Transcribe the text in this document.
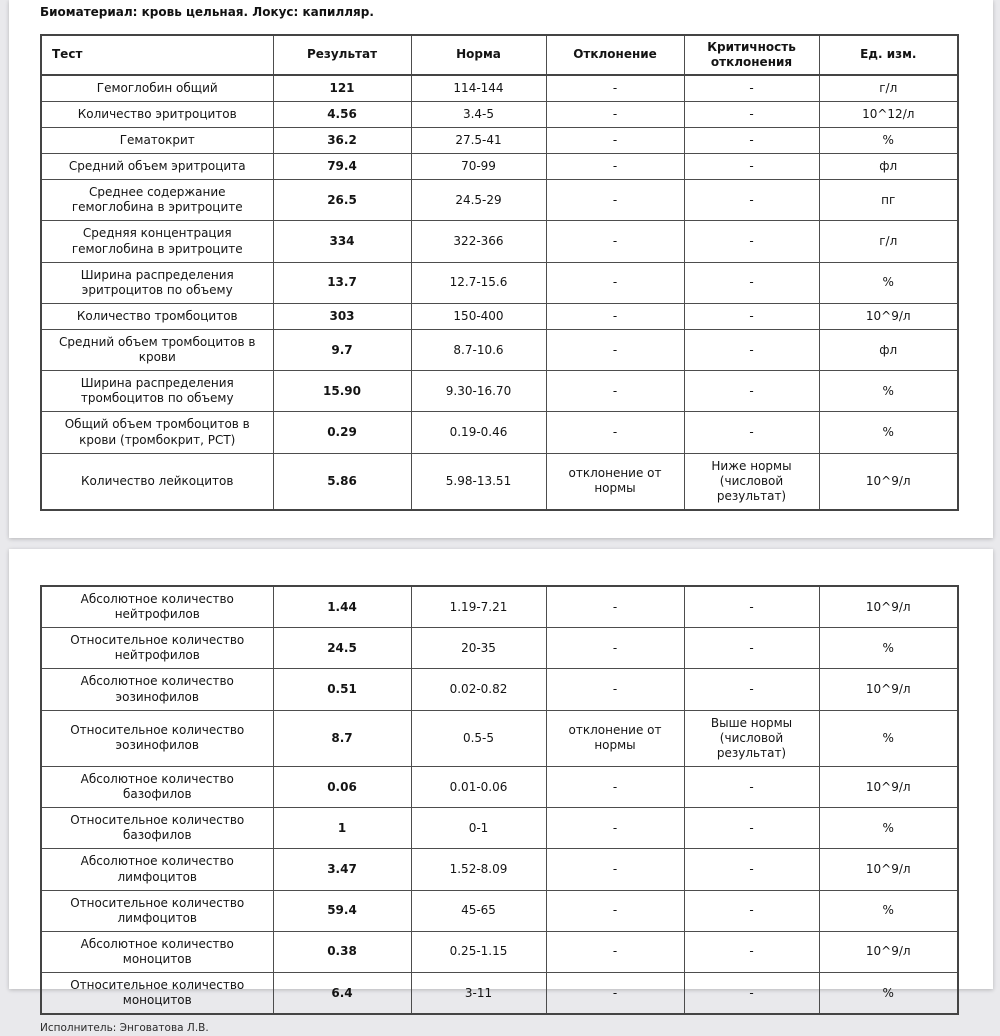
Биоматериал: кровь цельная. Локус: капилляр.
Тест	Результат	Норма	Отклонение	Критичность отклонения	Ед. изм.
Гемоглобин общий	121	114-144	-	-	г/л
Количество эритроцитов	4.56	3.4-5	-	-	10^12/л
Гематокрит	36.2	27.5-41	-	-	%
Средний объем эритроцита	79.4	70-99	-	-	фл
Среднее содержание гемоглобина в эритроците	26.5	24.5-29	-	-	пг
Средняя концентрация гемоглобина в эритроците	334	322-366	-	-	г/л
Ширина распределения эритроцитов по объему	13.7	12.7-15.6	-	-	%
Количество тромбоцитов	303	150-400	-	-	10^9/л
Средний объем тромбоцитов в крови	9.7	8.7-10.6	-	-	фл
Ширина распределения тромбоцитов по объему	15.90	9.30-16.70	-	-	%
Общий объем тромбоцитов в крови (тромбокрит, PCT)	0.29	0.19-0.46	-	-	%
Количество лейкоцитов	5.86	5.98-13.51	отклонение от нормы	Ниже нормы (числовой результат)	10^9/л
Абсолютное количество нейтрофилов	1.44	1.19-7.21	-	-	10^9/л
Относительное количество нейтрофилов	24.5	20-35	-	-	%
Абсолютное количество эозинофилов	0.51	0.02-0.82	-	-	10^9/л
Относительное количество эозинофилов	8.7	0.5-5	отклонение от нормы	Выше нормы (числовой результат)	%
Абсолютное количество базофилов	0.06	0.01-0.06	-	-	10^9/л
Относительное количество базофилов	1	0-1	-	-	%
Абсолютное количество лимфоцитов	3.47	1.52-8.09	-	-	10^9/л
Относительное количество лимфоцитов	59.4	45-65	-	-	%
Абсолютное количество моноцитов	0.38	0.25-1.15	-	-	10^9/л
Относительное количество моноцитов	6.4	3-11	-	-	%
Исполнитель: Энговатова Л.В.
